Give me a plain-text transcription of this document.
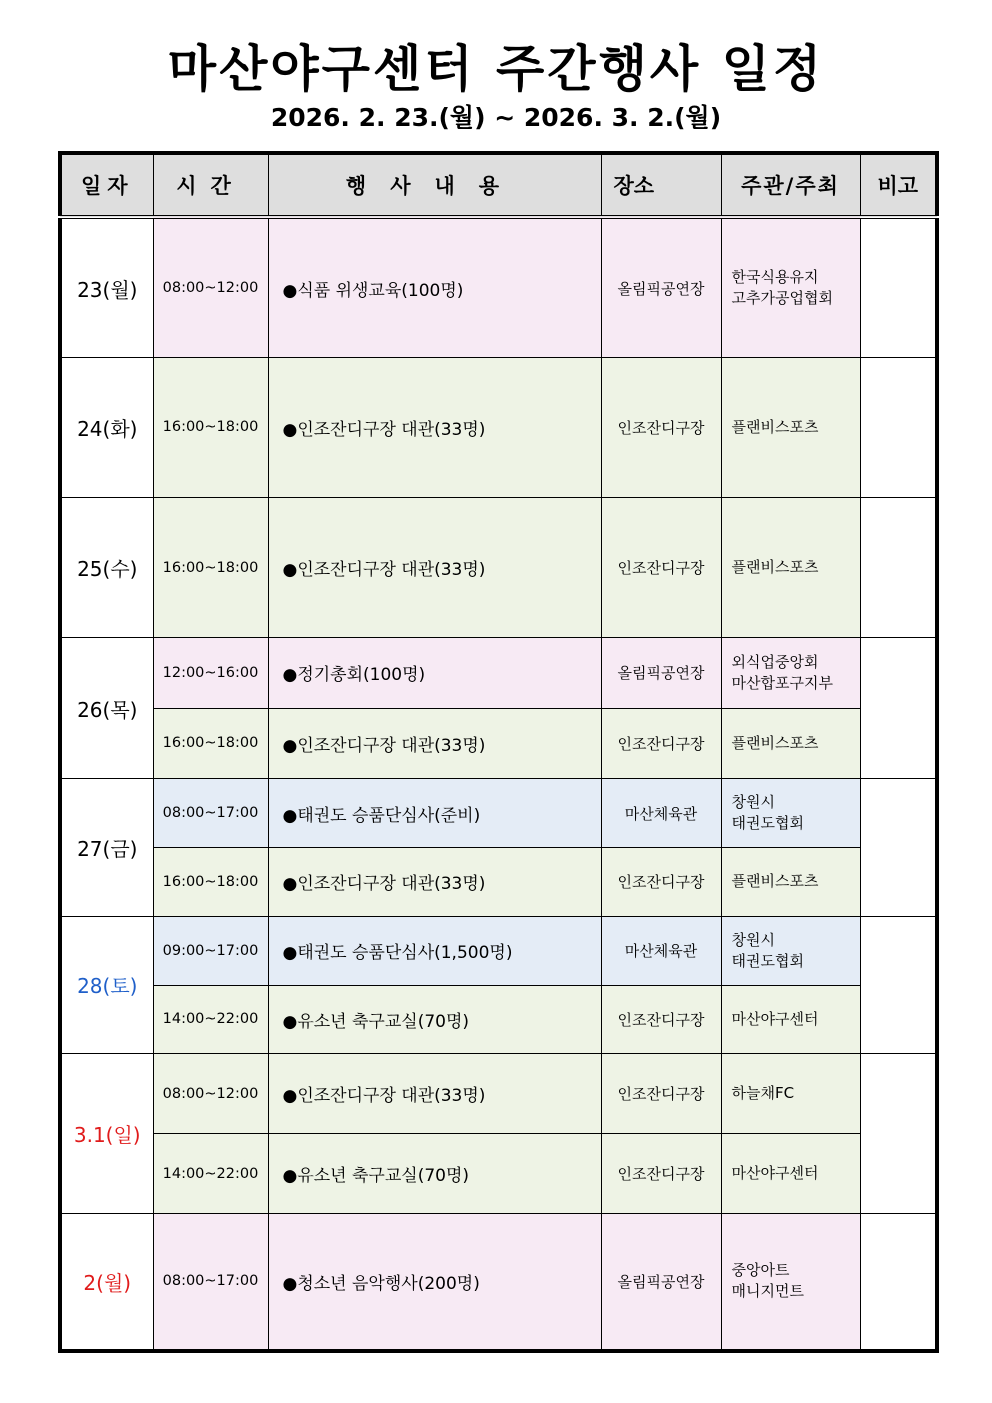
마산야구센터 주간행사 일정
2026. 2. 23.(월) ~ 2026. 3. 2.(월)
일자	시간	행사내용	장소	주관/주최	비고
23(월)	08:00~12:00	●식품 위생교육(100명)	올림픽공연장	한국식용유지
고추가공업협회	

24(화)	16:00~18:00	●인조잔디구장 대관(33명)	인조잔디구장	플랜비스포츠	

25(수)	16:00~18:00	●인조잔디구장 대관(33명)	인조잔디구장	플랜비스포츠	

26(목)	12:00~16:00	●정기총회(100명)	올림픽공연장	외식업중앙회
마산합포구지부	

	16:00~18:00	●인조잔디구장 대관(33명)	인조잔디구장	플랜비스포츠	

27(금)	08:00~17:00	●태권도 승품단심사(준비)	마산체육관	창원시
태권도협회	

	16:00~18:00	●인조잔디구장 대관(33명)	인조잔디구장	플랜비스포츠	

28(토)	09:00~17:00	●태권도 승품단심사(1,500명)	마산체육관	창원시
태권도협회	

	14:00~22:00	●유소년 축구교실(70명)	인조잔디구장	마산야구센터	

3.1(일)	08:00~12:00	●인조잔디구장 대관(33명)	인조잔디구장	하늘채FC	

	14:00~22:00	●유소년 축구교실(70명)	인조잔디구장	마산야구센터	

2(월)	08:00~17:00	●청소년 음악행사(200명)	올림픽공연장	중앙아트
매니지먼트	
